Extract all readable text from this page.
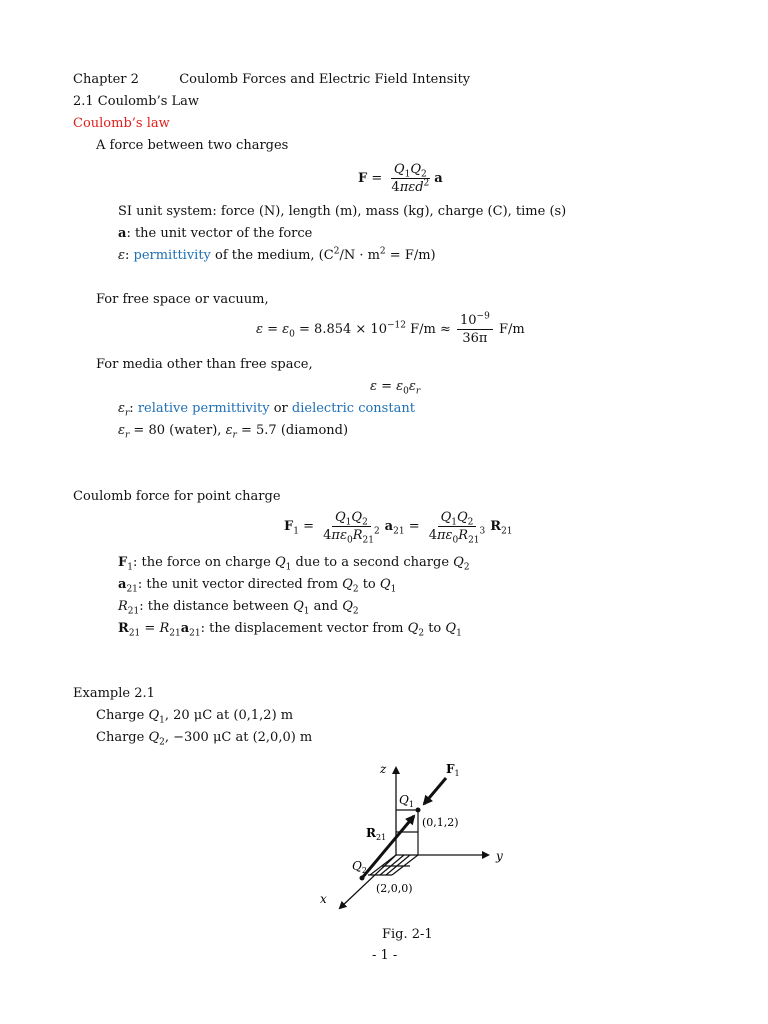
Chapter 2	Coulomb Forces and Electric Field Intensity
2.1 Coulomb’s Law
Coulomb’s law
A force between two charges
$F = \frac{Q_1Q_2}{4\pi\varepsilon d^2}$ a
SI unit system: force (N), length (m), mass (kg), charge (C), time (s)
a: the unit vector of the force
ε: permittivity of the medium, $(C^2/N \cdot m^2 = F/m)$
For free space or vacuum,
$\varepsilon = \varepsilon_0 = 8.854 \times 10^{-12}$ $F/m \approx \frac{10^{-9}}{36\pi} F/m$
For media other than free space,
$\varepsilon = \varepsilon_0\varepsilon_r$
$\varepsilon_r$: relative permittivity or dielectric constant
$\varepsilon_r = 80$ (water), $\varepsilon_r = 5.7$ (diamond)
Coulomb force for point charge
$F_1 = \frac{Q_1Q_2}{4\pi\varepsilon_0R_{21}^2} a_{21} = \frac{Q_1Q_2}{4\pi\varepsilon_0R_{21}^3} R_{21}$
$F_1$: the force on charge $Q_1$ due to a second charge $Q_2$
$a_{21}$: the unit vector directed from $Q_2$ to $Q_1$
$R_{21}$: the distance between $Q_1$ and $Q_2$
$R_{21} = R_{21}a_{21}$: the displacement vector from $Q_2$ to $Q_1$
Example 2.1
Charge $Q_1$, 20 μC at (0,1,2) m
Charge $Q_2$, −300 μC at (2,0,0) m
z
y
x
$F_1$
$Q_1$
$Q_2$
$R_{21}$
(0,1,2)
(2,0,0)
Fig. 2-1
- 1 -
